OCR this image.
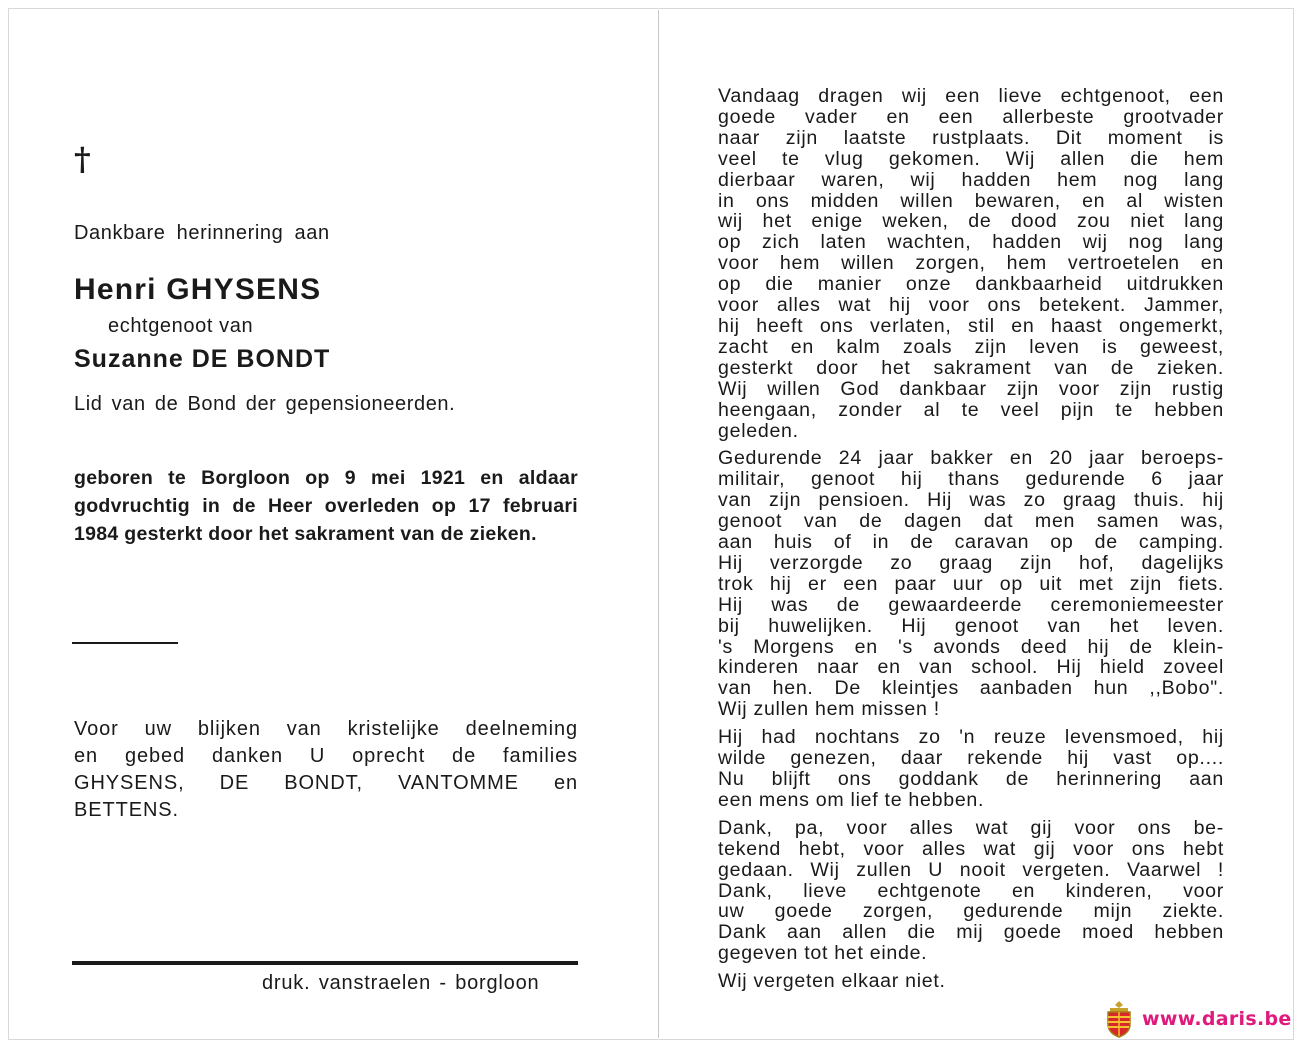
†
Dankbare herinnering aan
Henri GHYSENS
echtgenoot van
Suzanne DE BONDT
Lid van de Bond der gepensioneerden.
geboren te Borgloon op 9 mei 1921 en aldaar godvruchtig in de Heer overleden op 17 februari 1984 gesterkt door het sakrament van de zieken.
Voor uw blijken van kristelijke deelneming
en gebed danken U oprecht de families
GHYSENS, DE BONDT, VANTOMME en
BETTENS.
druk. vanstraelen - borgloon

Vandaag dragen wij een lieve echtgenoot, een
goede vader en een allerbeste grootvader
naar zijn laatste rustplaats. Dit moment is
veel te vlug gekomen. Wij allen die hem
dierbaar waren, wij hadden hem nog lang
in ons midden willen bewaren, en al wisten
wij het enige weken, de dood zou niet lang
op zich laten wachten, hadden wij nog lang
voor hem willen zorgen, hem vertroetelen en
op die manier onze dankbaarheid uitdrukken
voor alles wat hij voor ons betekent. Jammer,
hij heeft ons verlaten, stil en haast ongemerkt,
zacht en kalm zoals zijn leven is geweest,
gesterkt door het sakrament van de zieken.
Wij willen God dankbaar zijn voor zijn rustig
heengaan, zonder al te veel pijn te hebben
geleden.

Gedurende 24 jaar bakker en 20 jaar beroeps-
militair, genoot hij thans gedurende 6 jaar
van zijn pensioen. Hij was zo graag thuis. hij
genoot van de dagen dat men samen was,
aan huis of in de caravan op de camping.
Hij verzorgde zo graag zijn hof, dagelijks
trok hij er een paar uur op uit met zijn fiets.
Hij was de gewaardeerde ceremoniemeester
bij huwelijken. Hij genoot van het leven.
's Morgens en 's avonds deed hij de klein-
kinderen naar en van school. Hij hield zoveel
van hen. De kleintjes aanbaden hun ,,Bobo".
Wij zullen hem missen !

Hij had nochtans zo 'n reuze levensmoed, hij
wilde genezen, daar rekende hij vast op....
Nu blijft ons goddank de herinnering aan
een mens om lief te hebben.

Dank, pa, voor alles wat gij voor ons be-
tekend hebt, voor alles wat gij voor ons hebt
gedaan. Wij zullen U nooit vergeten. Vaarwel !
Dank, lieve echtgenote en kinderen, voor
uw goede zorgen, gedurende mijn ziekte.
Dank aan allen die mij goede moed hebben
gegeven tot het einde.

Wij vergeten elkaar niet.

www.daris.be
